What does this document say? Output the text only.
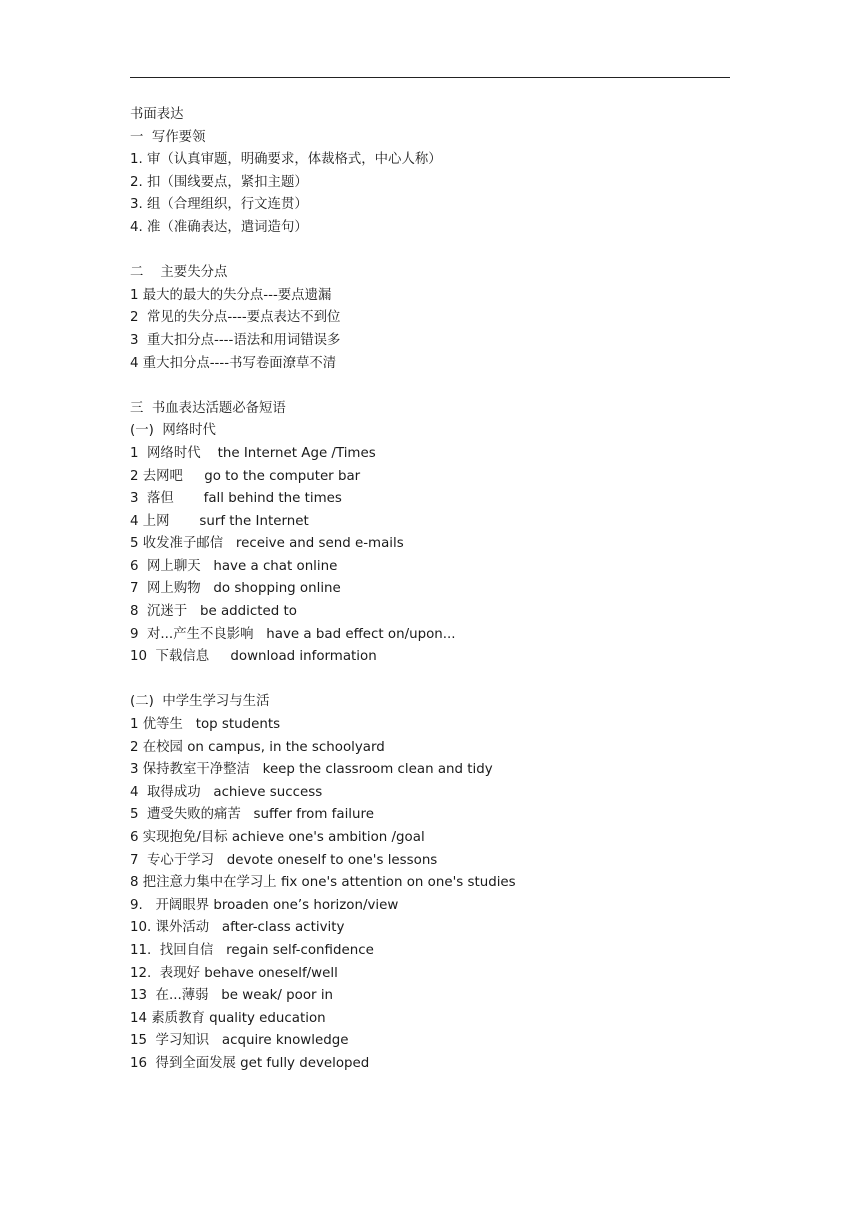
书面表达
一  写作要领
1. 审（认真审题，明确要求，体裁格式，中心人称）
2. 扣（围线要点，紧扣主题）
3. 组（合理组织，行文连贯）
4. 准（准确表达，遣词造句）
二    主要失分点
1 最大的最大的失分点---要点遗漏
2  常见的失分点----要点表达不到位
3  重大扣分点----语法和用词错误多
4 重大扣分点----书写卷面潦草不清
三  书血表达活题必备短语
(一)  网络时代
1  网络时代    the Internet Age /Times
2 去网吧     go to the computer bar
3  落但       fall behind the times
4 上网       surf the Internet
5 收发准子邮信   receive and send e-mails
6  网上聊天   have a chat online
7  网上购物   do shopping online
8  沉迷于   be addicted to
9  对...产生不良影响   have a bad effect on/upon...
10  下载信息     download information
(二)  中学生学习与生活
1 优等生   top students
2 在校园 on campus, in the schoolyard
3 保持教室干净整洁   keep the classroom clean and tidy
4  取得成功   achieve success
5  遭受失败的痛苦   suffer from failure
6 实现抱免/目标 achieve one's ambition /goal
7  专心于学习   devote oneself to one's lessons
8 把注意力集中在学习上 fix one's attention on one's studies
9.   开阔眼界 broaden one’s horizon/view
10. 课外活动   after-class activity
11.  找回自信   regain self-confidence
12.  表现好 behave oneself/well
13  在...薄弱   be weak/ poor in
14 素质教育 quality education
15  学习知识   acquire knowledge
16  得到全面发展 get fully developed
